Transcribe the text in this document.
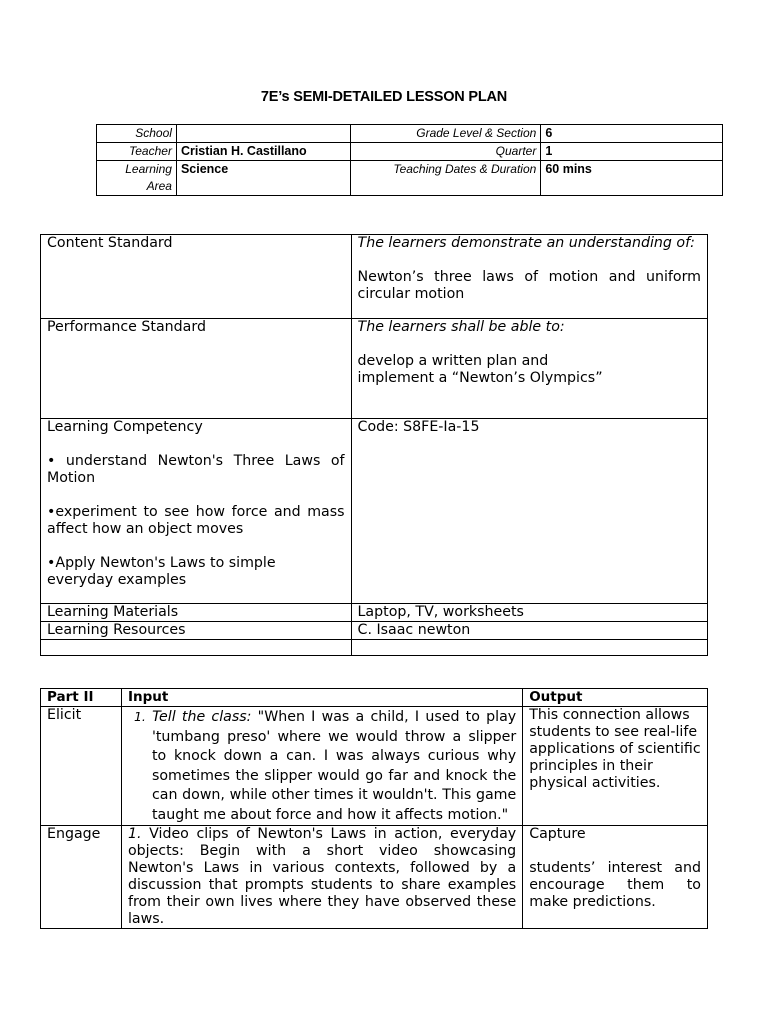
7E’s SEMI-DETAILED LESSON PLAN
School		Grade Level & Section	6
Teacher	Cristian H. Castillano	Quarter	1
Learning Area	Science	Teaching Dates & Duration	60 mins
Content Standard	The learners demonstrate an understanding of:

Newton’s three laws of motion and uniform circular motion

Performance Standard	The learners shall be able to:

develop a written plan and

implement a “Newton’s Olympics”

Learning Competency

• understand Newton's Three Laws of Motion

•experiment to see how force and mass affect how an object moves

•Apply Newton's Laws to simple everyday examples	Code: S8FE-Ia-15
Learning Materials	Laptop, TV, worksheets
Learning Resources	C. Isaac newton

Part II	Input	Output
Elicit	1. Tell the class: "When I was a child, I used to play 'tumbang preso' where we would throw a slipper to knock down a can. I was always curious why sometimes the slipper would go far and knock the can down, while other times it wouldn't. This game taught me about force and how it affects motion."	This connection allows students to see real-life applications of scientific principles in their physical activities.
Engage	1. Video clips of Newton's Laws in action, everyday objects: Begin with a short video showcasing Newton's Laws in various contexts, followed by a discussion that prompts students to share examples from their own lives where they have observed these laws.	Capture
students’ interest and encourage them to make predictions.
